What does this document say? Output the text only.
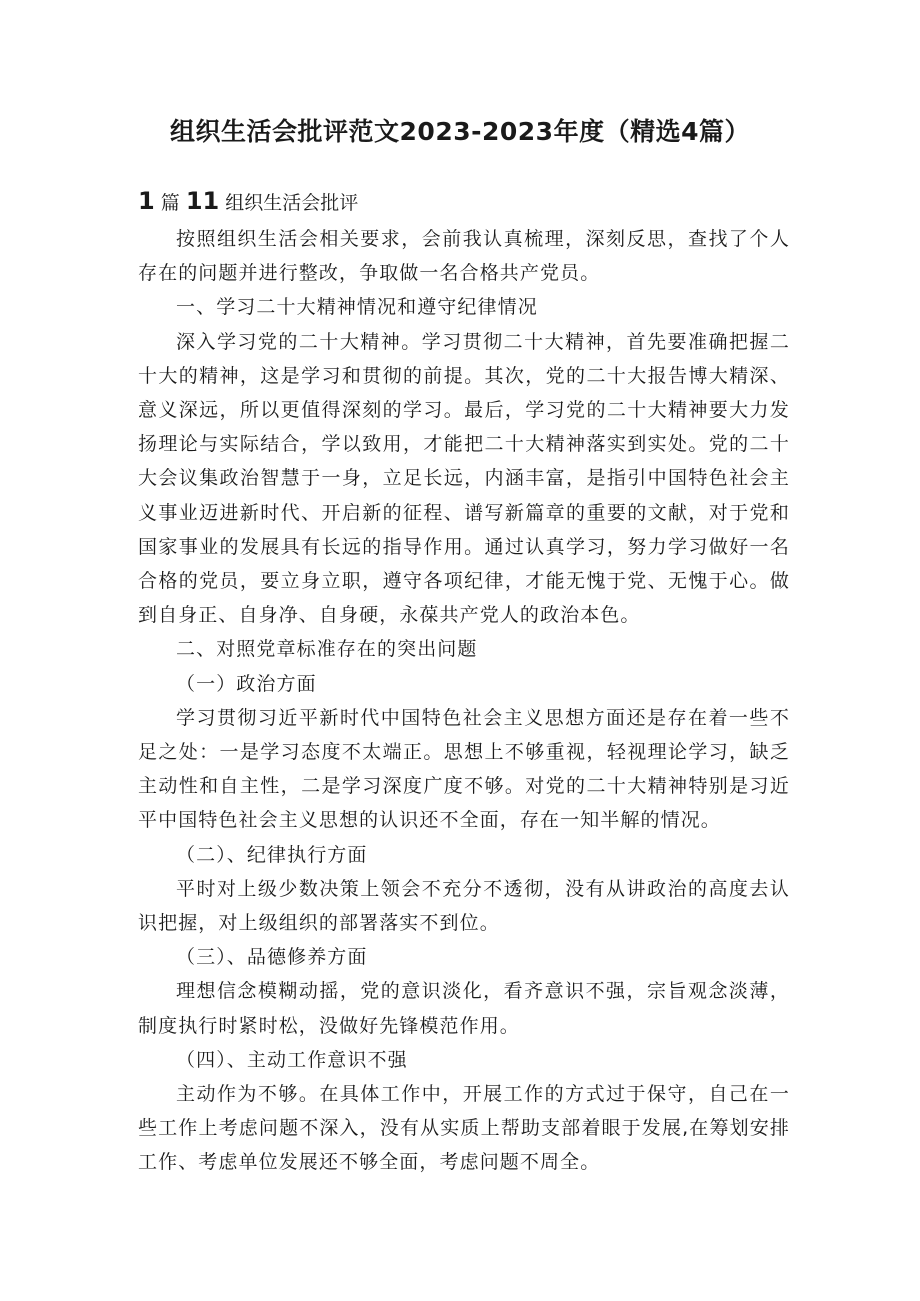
组织生活会批评范文2023-2023年度（精选4篇）
1 篇 11 组织生活会批评

按照组织生活会相关要求，会前我认真梳理，深刻反思，查找了个人存在的问题并进行整改，争取做一名合格共产党员。

一、学习二十大精神情况和遵守纪律情况

深入学习党的二十大精神。学习贯彻二十大精神，首先要准确把握二十大的精神，这是学习和贯彻的前提。其次，党的二十大报告博大精深、意义深远，所以更值得深刻的学习。最后，学习党的二十大精神要大力发扬理论与实际结合，学以致用，才能把二十大精神落实到实处。党的二十大会议集政治智慧于一身，立足长远，内涵丰富，是指引中国特色社会主义事业迈进新时代、开启新的征程、谱写新篇章的重要的文献，对于党和国家事业的发展具有长远的指导作用。通过认真学习，努力学习做好一名合格的党员，要立身立职，遵守各项纪律，才能无愧于党、无愧于心。做到自身正、自身净、自身硬，永葆共产党人的政治本色。

二、对照党章标准存在的突出问题

（一）政治方面

学习贯彻习近平新时代中国特色社会主义思想方面还是存在着一些不足之处：一是学习态度不太端正。思想上不够重视，轻视理论学习，缺乏主动性和自主性，二是学习深度广度不够。对党的二十大精神特别是习近平中国特色社会主义思想的认识还不全面，存在一知半解的情况。

（二）、纪律执行方面

平时对上级少数决策上领会不充分不透彻，没有从讲政治的高度去认识把握，对上级组织的部署落实不到位。

（三）、品德修养方面

理想信念模糊动摇，党的意识淡化，看齐意识不强，宗旨观念淡薄，制度执行时紧时松，没做好先锋模范作用。

（四）、主动工作意识不强

主动作为不够。在具体工作中，开展工作的方式过于保守，自己在一些工作上考虑问题不深入，没有从实质上帮助支部着眼于发展,在筹划安排工作、考虑单位发展还不够全面，考虑问题不周全。
